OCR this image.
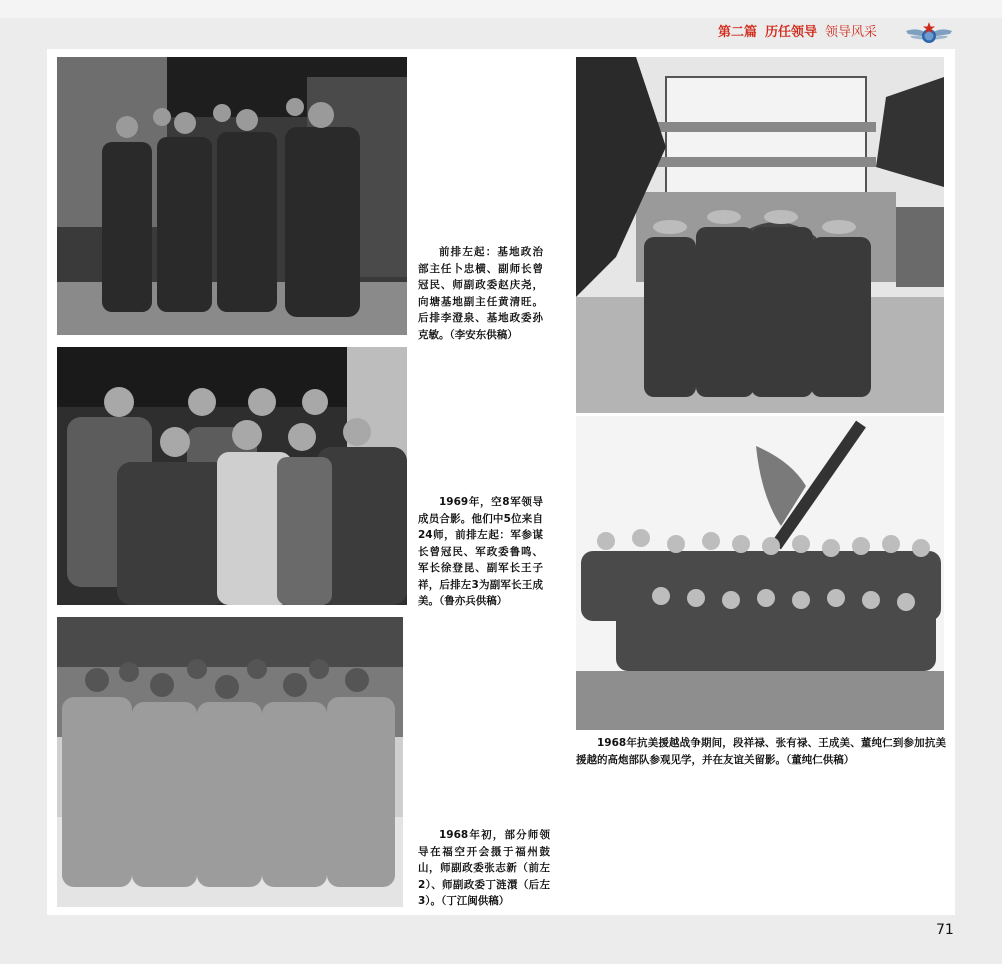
第二篇 历任领导 领导风采
前排左起：基地政治部主任卜忠横、副师长曾冠民、师副政委赵庆尧，向塘基地副主任黄清旺。后排李澄泉、基地政委孙克敏。（李安东供稿）
1969年，空8军领导成员合影。他们中5位来自24师，前排左起：军参谋长曾冠民、军政委鲁鸣、军长徐登昆、副军长王子祥，后排左3为副军长王成美。（鲁亦兵供稿）
1968年初，部分师领导在福空开会摄于福州鼓山，师副政委张志新（前左2）、师副政委丁涟澴（后左3）。（丁江闽供稿）
1968年抗美援越战争期间，段祥禄、张有禄、王成美、董纯仁到参加抗美援越的高炮部队参观见学，并在友谊关留影。（董纯仁供稿）
71
